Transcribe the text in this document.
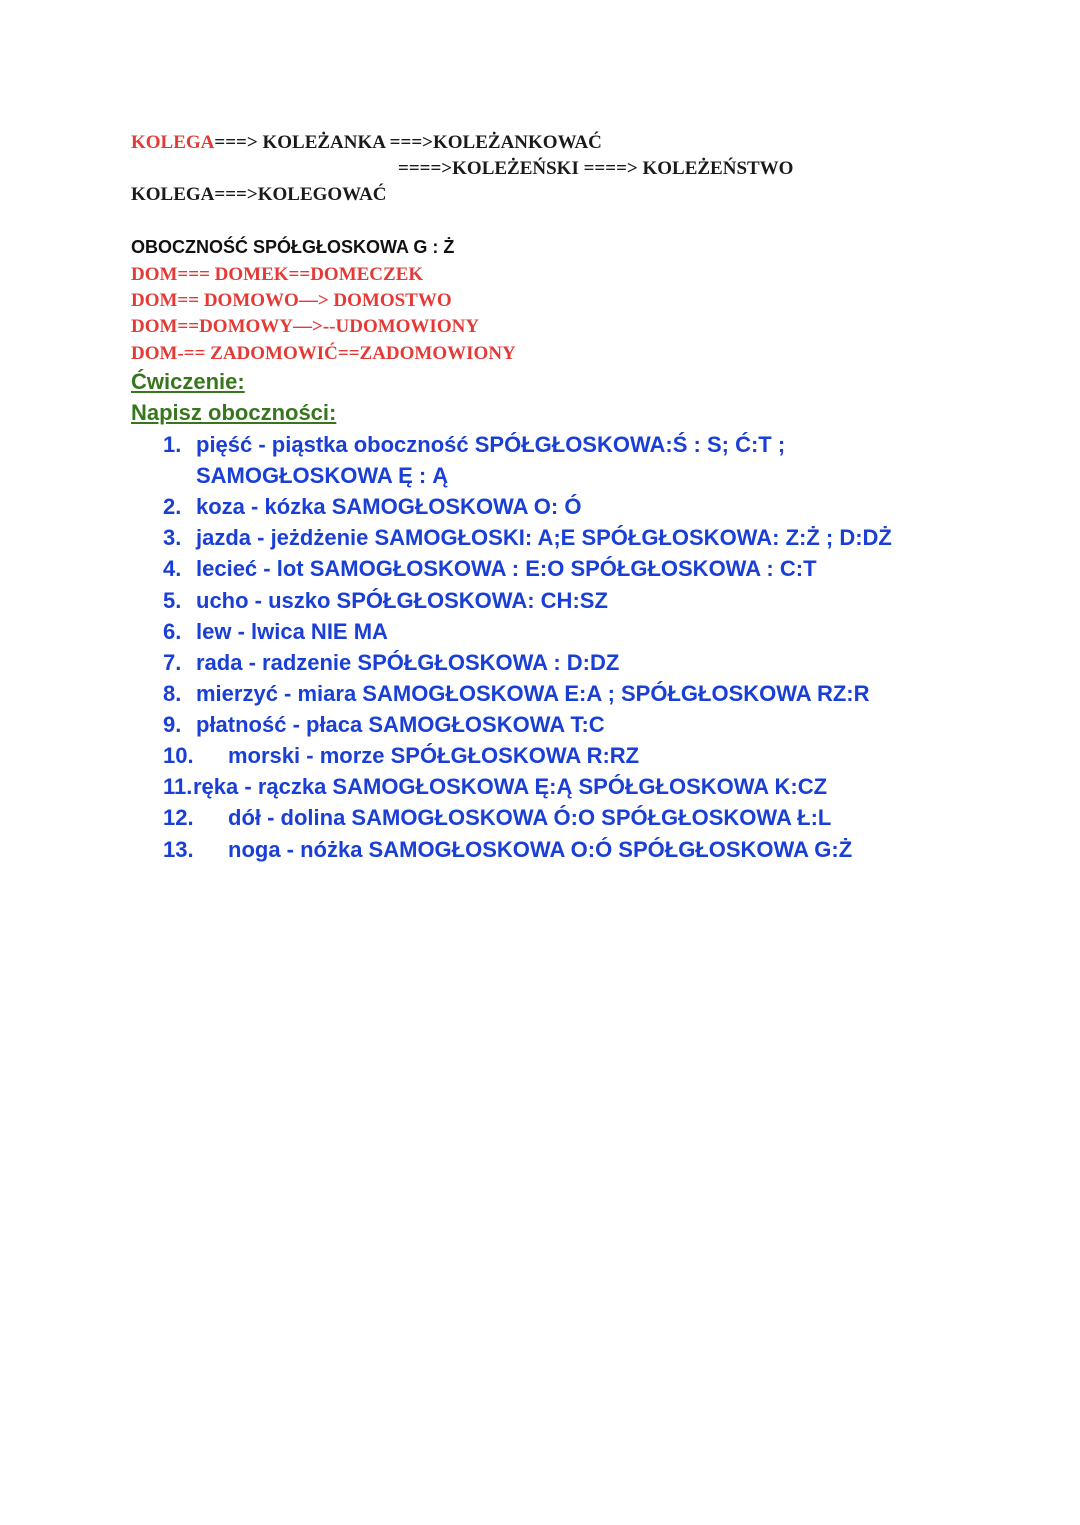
KOLEGA===> KOLEŻANKA ===>KOLEŻANKOWAĆ
====>KOLEŻEŃSKI ====> KOLEŻEŃSTWO
KOLEGA===>KOLEGOWAĆ
OBOCZNOŚĆ SPÓŁGŁOSKOWA G : Ż
DOM=== DOMEK==DOMECZEK
DOM== DOMOWO—> DOMOSTWO
DOM==DOMOWY—>--UDOMOWIONY
DOM-== ZADOMOWIĆ==ZADOMOWIONY
Ćwiczenie:
Napisz oboczności:
1. pięść - piąstka oboczność SPÓŁGŁOSKOWA:Ś : S; Ć:T ;
SAMOGŁOSKOWA Ę : Ą
2. koza - kózka SAMOGŁOSKOWA O: Ó
3. jazda - jeżdżenie SAMOGŁOSKI: A;E SPÓŁGŁOSKOWA: Z:Ż ; D:DŻ
4. lecieć - lot SAMOGŁOSKOWA : E:O SPÓŁGŁOSKOWA : C:T
5. ucho - uszko SPÓŁGŁOSKOWA: CH:SZ
6. lew - lwica NIE MA
7. rada - radzenie SPÓŁGŁOSKOWA : D:DZ
8. mierzyć - miara SAMOGŁOSKOWA E:A ; SPÓŁGŁOSKOWA RZ:R
9. płatność - płaca SAMOGŁOSKOWA T:C
10. morski - morze SPÓŁGŁOSKOWA R:RZ
11. ręka - rączka SAMOGŁOSKOWA Ę:Ą SPÓŁGŁOSKOWA K:CZ
12. dół - dolina SAMOGŁOSKOWA Ó:O SPÓŁGŁOSKOWA Ł:L
13. noga - nóżka SAMOGŁOSKOWA O:Ó SPÓŁGŁOSKOWA G:Ż
